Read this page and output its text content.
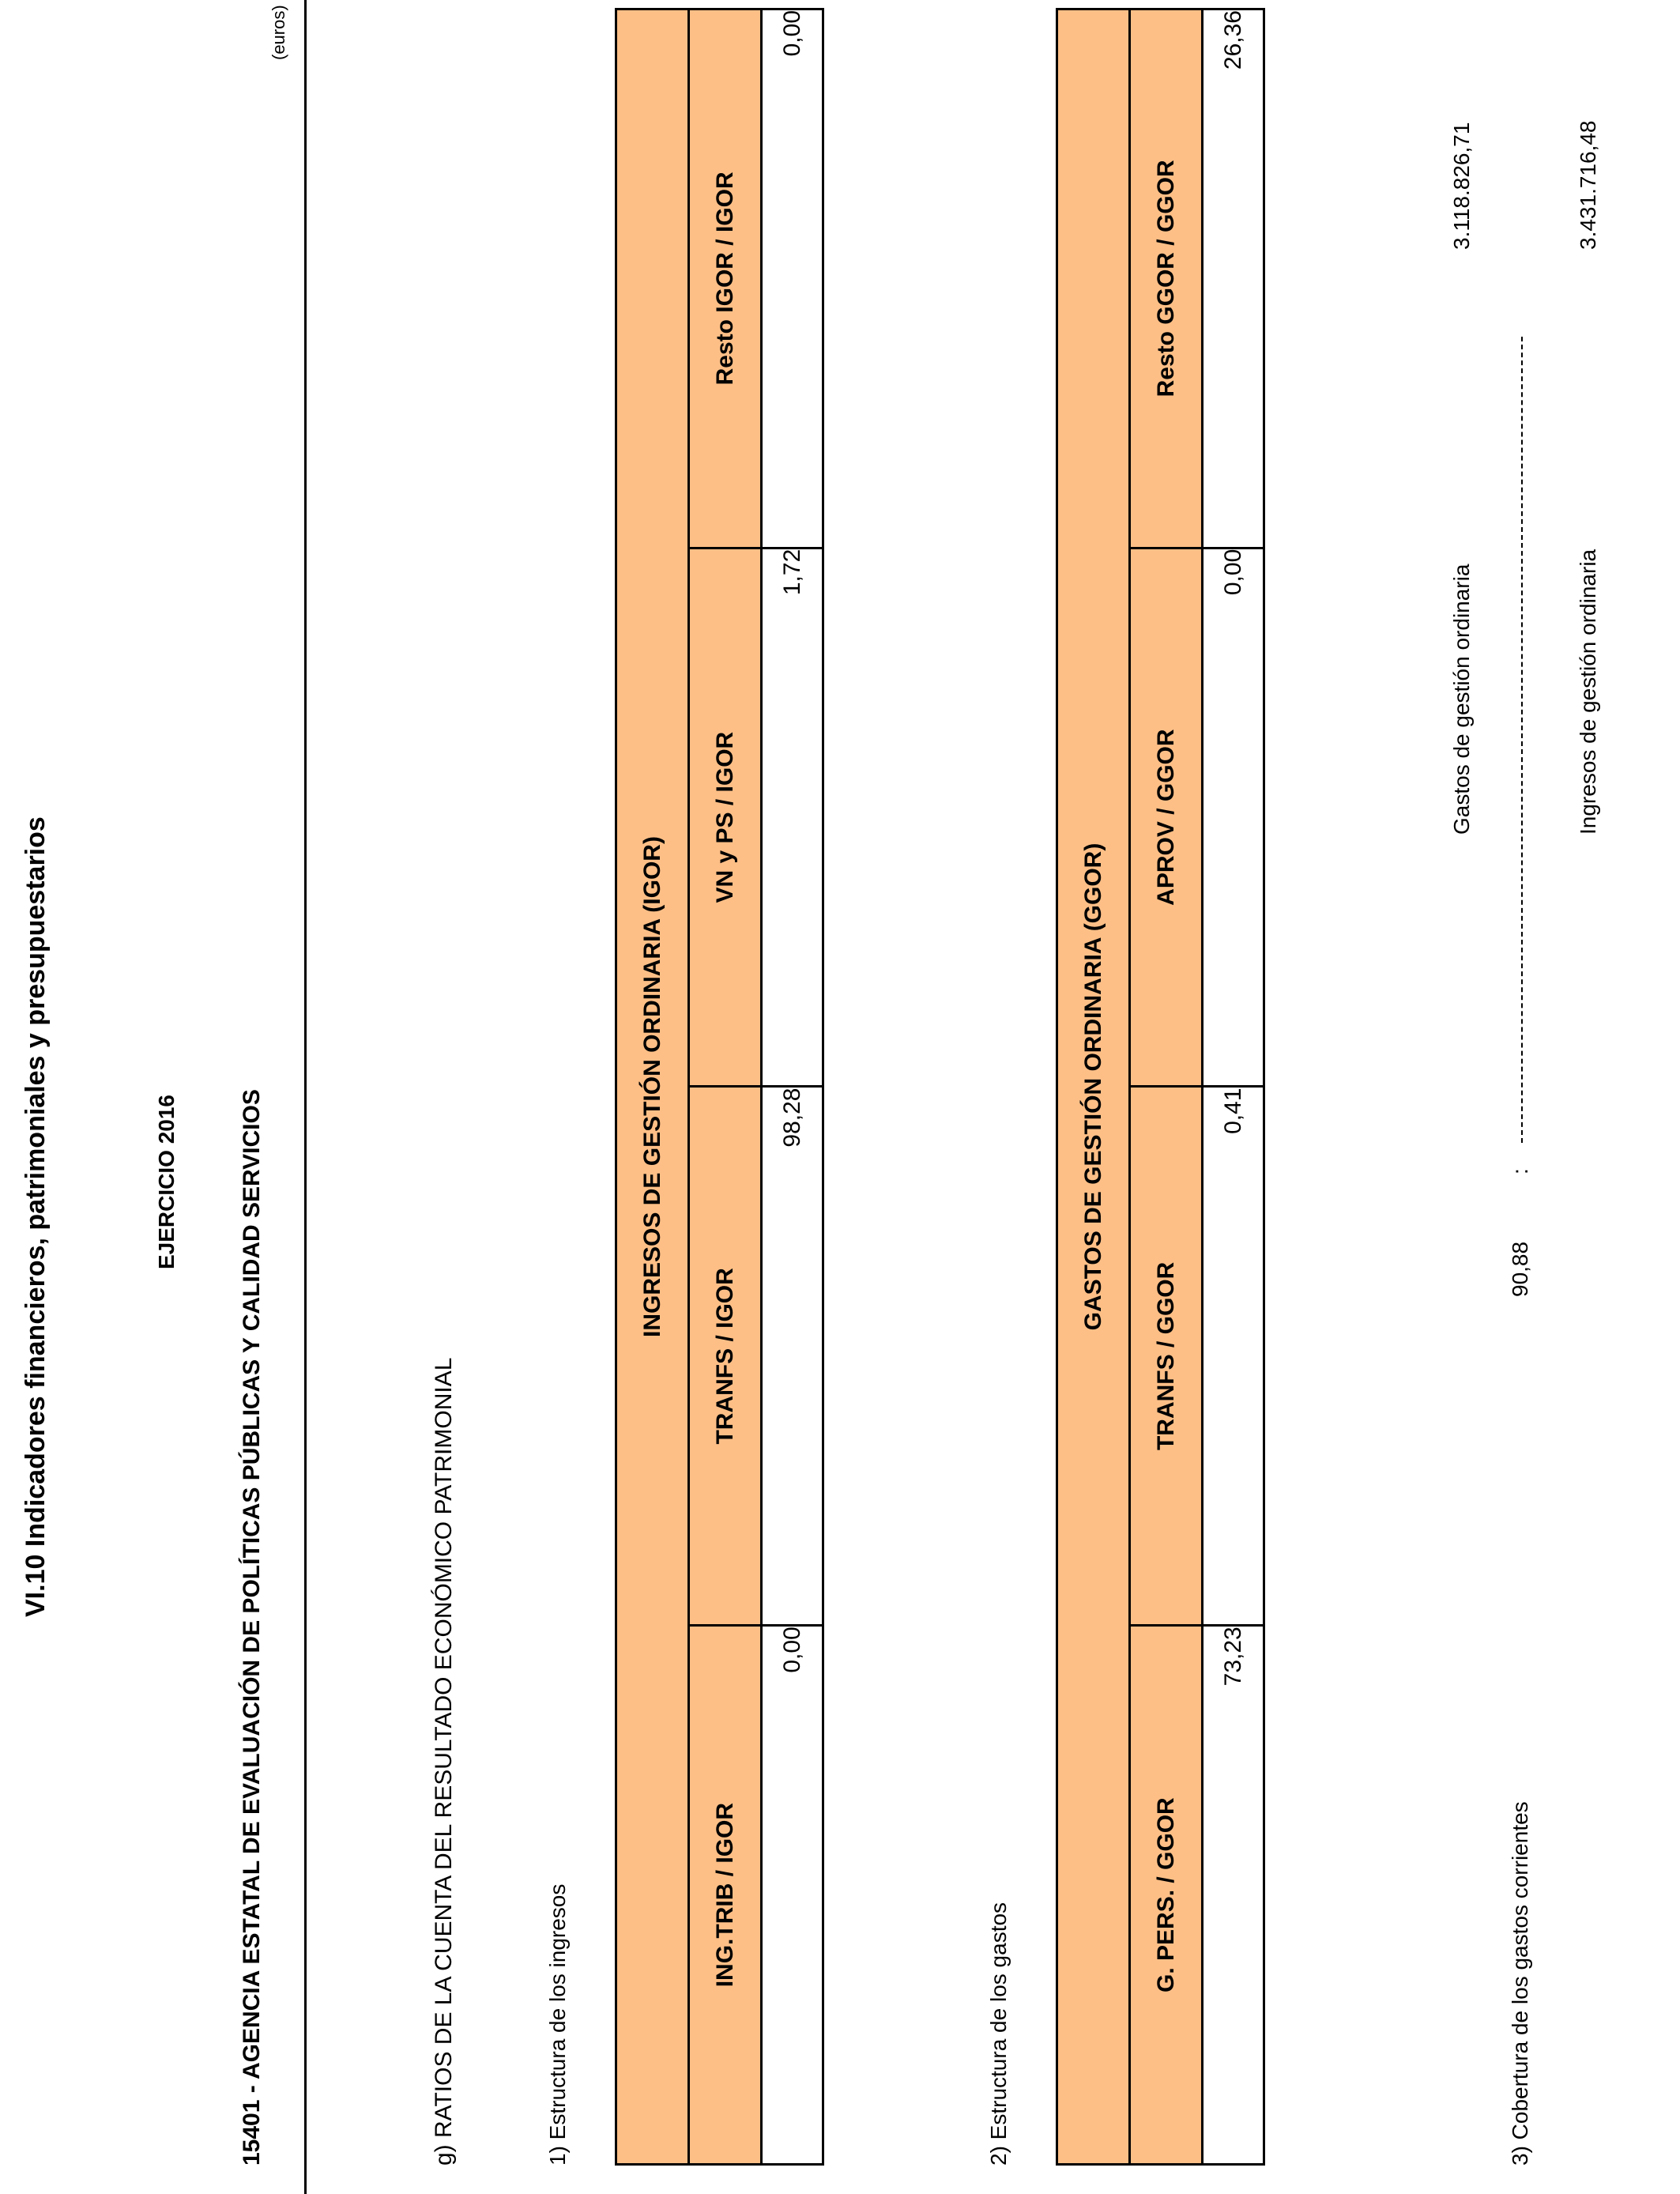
VI.10 Indicadores financieros, patrimoniales y presupuestarios	EJERCICIO 2016	15401 - AGENCIA ESTATAL DE EVALUACIÓN DE POLÍTICAS PÚBLICAS Y CALIDAD SERVICIOS
(euros)
g) RATIOS DE LA CUENTA DEL RESULTADO ECONÓMICO PATRIMONIAL	1) Estructura de los ingresos
INGRESOS DE GESTIÓN ORDINARIA (IGOR)			
ING.TRIB / IGOR	TRANFS / IGOR	VN y PS / IGOR	Resto IGOR / IGOR
0,00	98,28	1,72	0,00
2) Estructura de los gastos
GASTOS DE GESTIÓN ORDINARIA (GGOR)			
G. PERS. / GGOR	TRANFS / GGOR	APROV / GGOR	Resto GGOR / GGOR
73,23	0,41	0,00	26,36
3) Cobertura de los gastos corrientes
90,88
:
Gastos de gestión ordinaria
3.118.826,71
Ingresos de gestión ordinaria
3.431.716,48
